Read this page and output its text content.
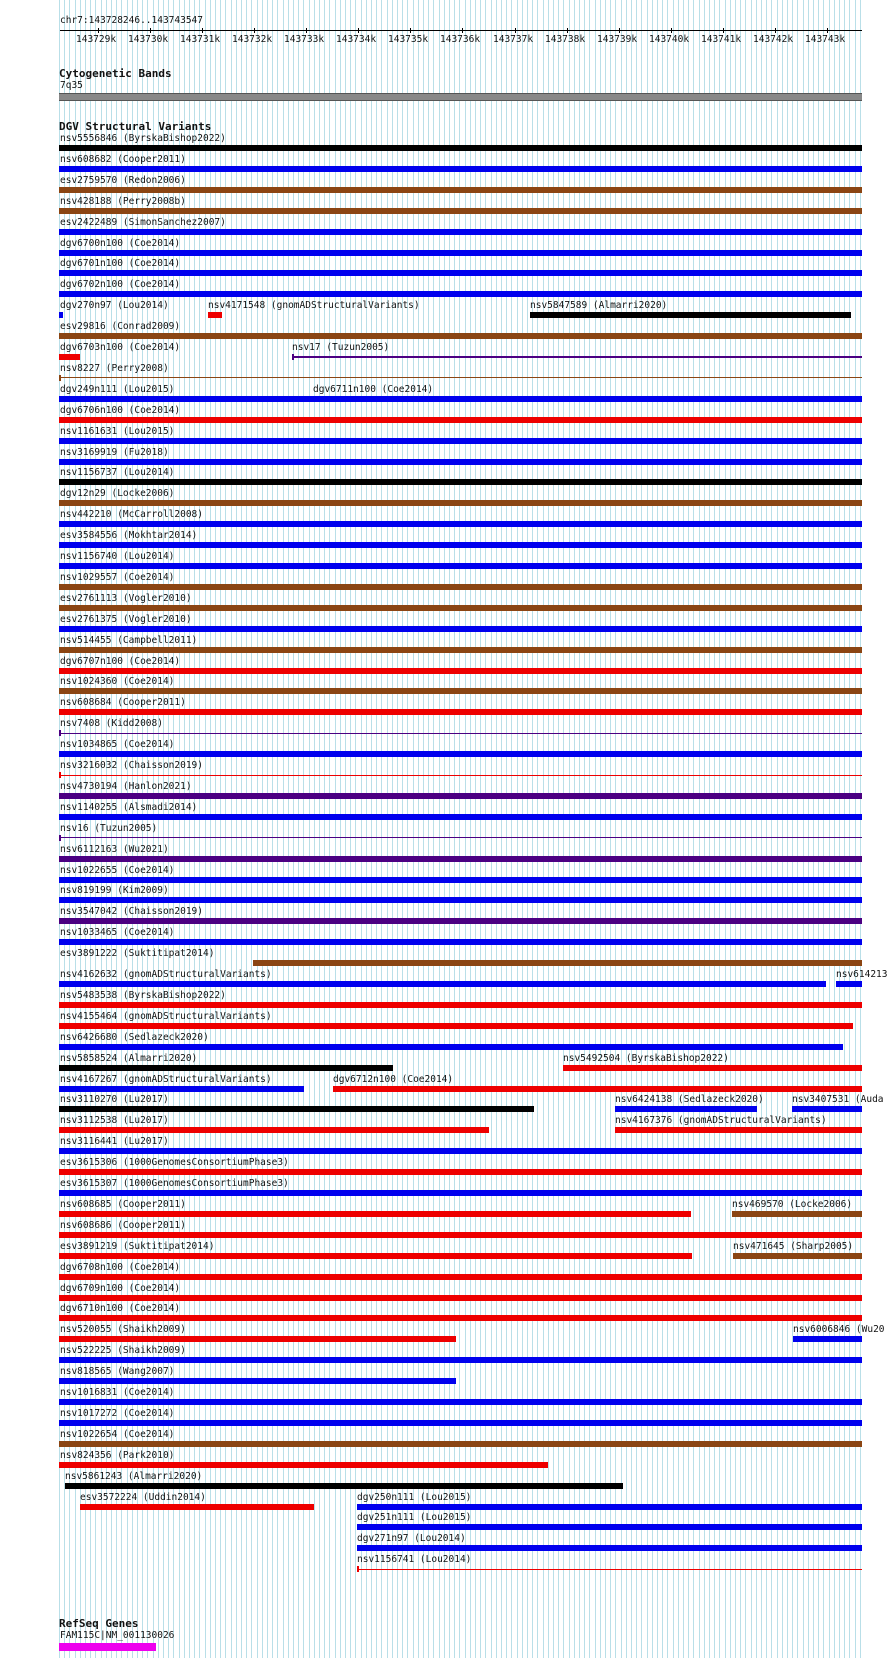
chr7:143728246..143743547
143729k 143730k 143731k 143732k 143733k 143734k 143735k 143736k 143737k 143738k 143739k 143740k 143741k 143742k 143743k
Cytogenetic Bands
7q35
DGV Structural Variants
nsv5556846 (ByrskaBishop2022)
nsv608682 (Cooper2011)
esv2759570 (Redon2006)
nsv428188 (Perry2008b)
esv2422489 (SimonSanchez2007)
dgv6700n100 (Coe2014)
dgv6701n100 (Coe2014)
dgv6702n100 (Coe2014)
dgv270n97 (Lou2014)	nsv4171548 (gnomADStructuralVariants)	nsv5847589 (Almarri2020)
esv29816 (Conrad2009)
dgv6703n100 (Coe2014)	nsv17 (Tuzun2005)
nsv8227 (Perry2008)
dgv249n111 (Lou2015)	dgv6711n100 (Coe2014)
dgv6706n100 (Coe2014)
nsv1161631 (Lou2015)
nsv3169919 (Fu2018)
nsv1156737 (Lou2014)
dgv12n29 (Locke2006)
nsv442210 (McCarroll2008)
esv3584556 (Mokhtar2014)
nsv1156740 (Lou2014)
nsv1029557 (Coe2014)
esv2761113 (Vogler2010)
esv2761375 (Vogler2010)
nsv514455 (Campbell2011)
dgv6707n100 (Coe2014)
nsv1024360 (Coe2014)
nsv608684 (Cooper2011)
nsv7408 (Kidd2008)
nsv1034865 (Coe2014)
nsv3216032 (Chaisson2019)
nsv4730194 (Hanlon2021)
nsv1140255 (Alsmadi2014)
nsv16 (Tuzun2005)
nsv6112163 (Wu2021)
nsv1022655 (Coe2014)
nsv819199 (Kim2009)
nsv3547042 (Chaisson2019)
nsv1033465 (Coe2014)
esv3891222 (Suktitipat2014)
nsv4162632 (gnomADStructuralVariants)	nsv614213
nsv5483538 (ByrskaBishop2022)
nsv4155464 (gnomADStructuralVariants)
nsv6426680 (Sedlazeck2020)
nsv5858524 (Almarri2020)	nsv5492504 (ByrskaBishop2022)
nsv4167267 (gnomADStructuralVariants)	dgv6712n100 (Coe2014)
nsv3110270 (Lu2017)	nsv6424138 (Sedlazeck2020)	nsv3407531 (Auda
nsv3112538 (Lu2017)	nsv4167376 (gnomADStructuralVariants)
nsv3116441 (Lu2017)
esv3615306 (1000GenomesConsortiumPhase3)
esv3615307 (1000GenomesConsortiumPhase3)
nsv608685 (Cooper2011)	nsv469570 (Locke2006)
nsv608686 (Cooper2011)
esv3891219 (Suktitipat2014)	nsv471645 (Sharp2005)
dgv6708n100 (Coe2014)
dgv6709n100 (Coe2014)
dgv6710n100 (Coe2014)
nsv520055 (Shaikh2009)	nsv6006846 (Wu20
nsv522225 (Shaikh2009)
nsv818565 (Wang2007)
nsv1016831 (Coe2014)
nsv1017272 (Coe2014)
nsv1022654 (Coe2014)
nsv824356 (Park2010)
nsv5861243 (Almarri2020)
esv3572224 (Uddin2014)	dgv250n111 (Lou2015)
dgv251n111 (Lou2015)
dgv271n97 (Lou2014)
nsv1156741 (Lou2014)
RefSeq Genes
FAM115C|NM_001130026
